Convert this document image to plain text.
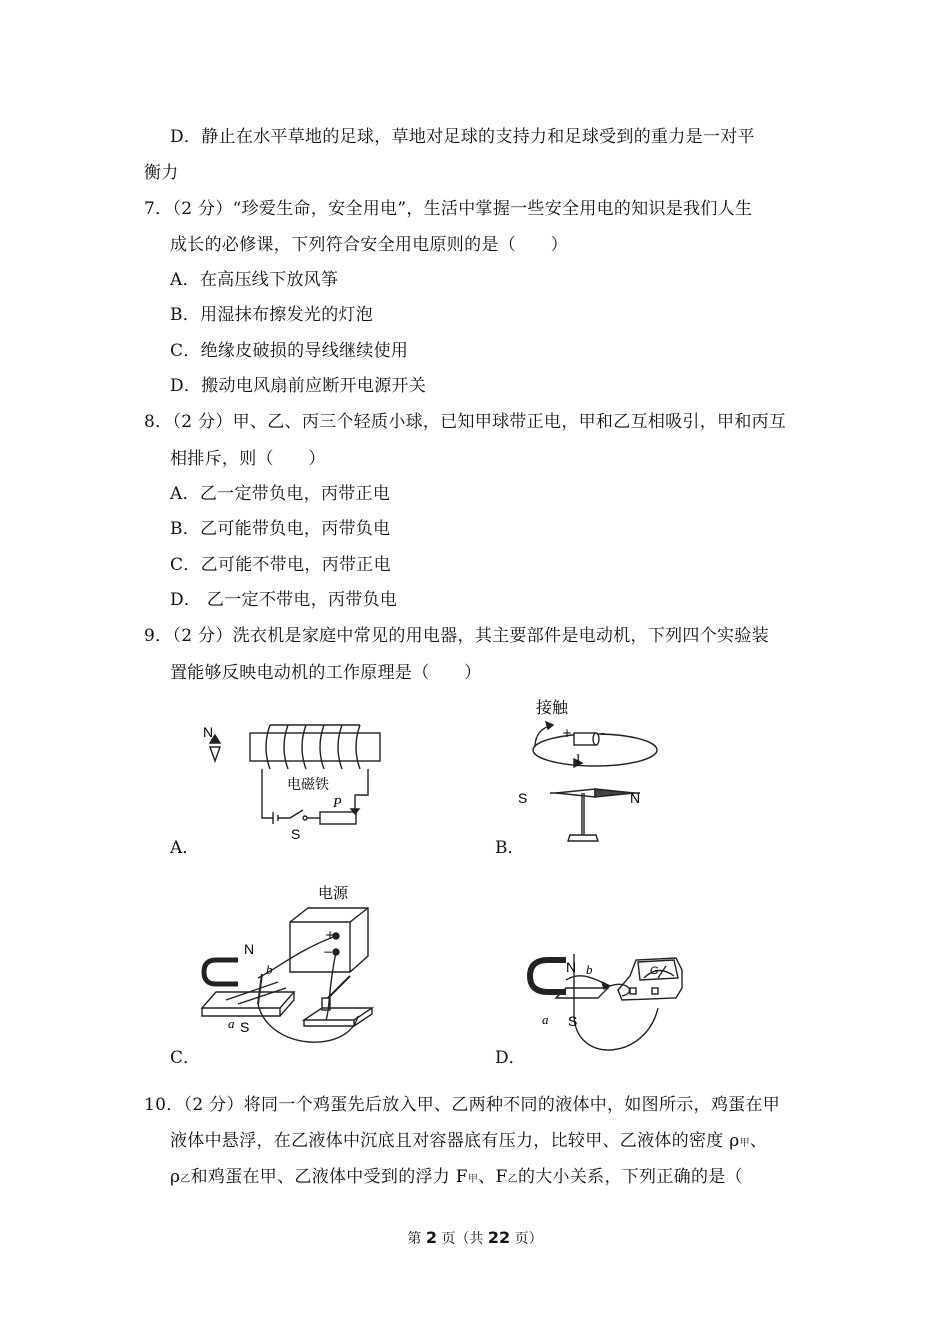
D．静止在水平草地的足球，草地对足球的支持力和足球受到的重力是一对平
衡力
7．（2 分）“珍爱生命，安全用电”，生活中掌握一些安全用电的知识是我们人生
成长的必修课，下列符合安全用电原则的是（　　）
A．在高压线下放风筝
B．用湿抹布擦发光的灯泡
C．绝缘皮破损的导线继续使用
D．搬动电风扇前应断开电源开关
8．（2 分）甲、乙、丙三个轻质小球，已知甲球带正电，甲和乙互相吸引，甲和丙互
相排斥，则（　　）
A．乙一定带负电，丙带正电
B．乙可能带负电，丙带负电
C．乙可能不带电，丙带正电
D． 乙一定不带电，丙带负电
9．（2 分）洗衣机是家庭中常见的用电器，其主要部件是电动机，下列四个实验装
置能够反映电动机的工作原理是（　　）
N
电磁铁
P
S
A．
接触
+ -
I
S	N
B．
电源
+
−
N
b
a S
C．
N b
a S
G
D．
10．（2 分）将同一个鸡蛋先后放入甲、乙两种不同的液体中，如图所示，鸡蛋在甲
液体中悬浮，在乙液体中沉底且对容器底有压力，比较甲、乙液体的密度 ρ甲、
ρ乙和鸡蛋在甲、乙液体中受到的浮力 F甲、F乙的大小关系，下列正确的是（
第 2 页（共 22 页）
